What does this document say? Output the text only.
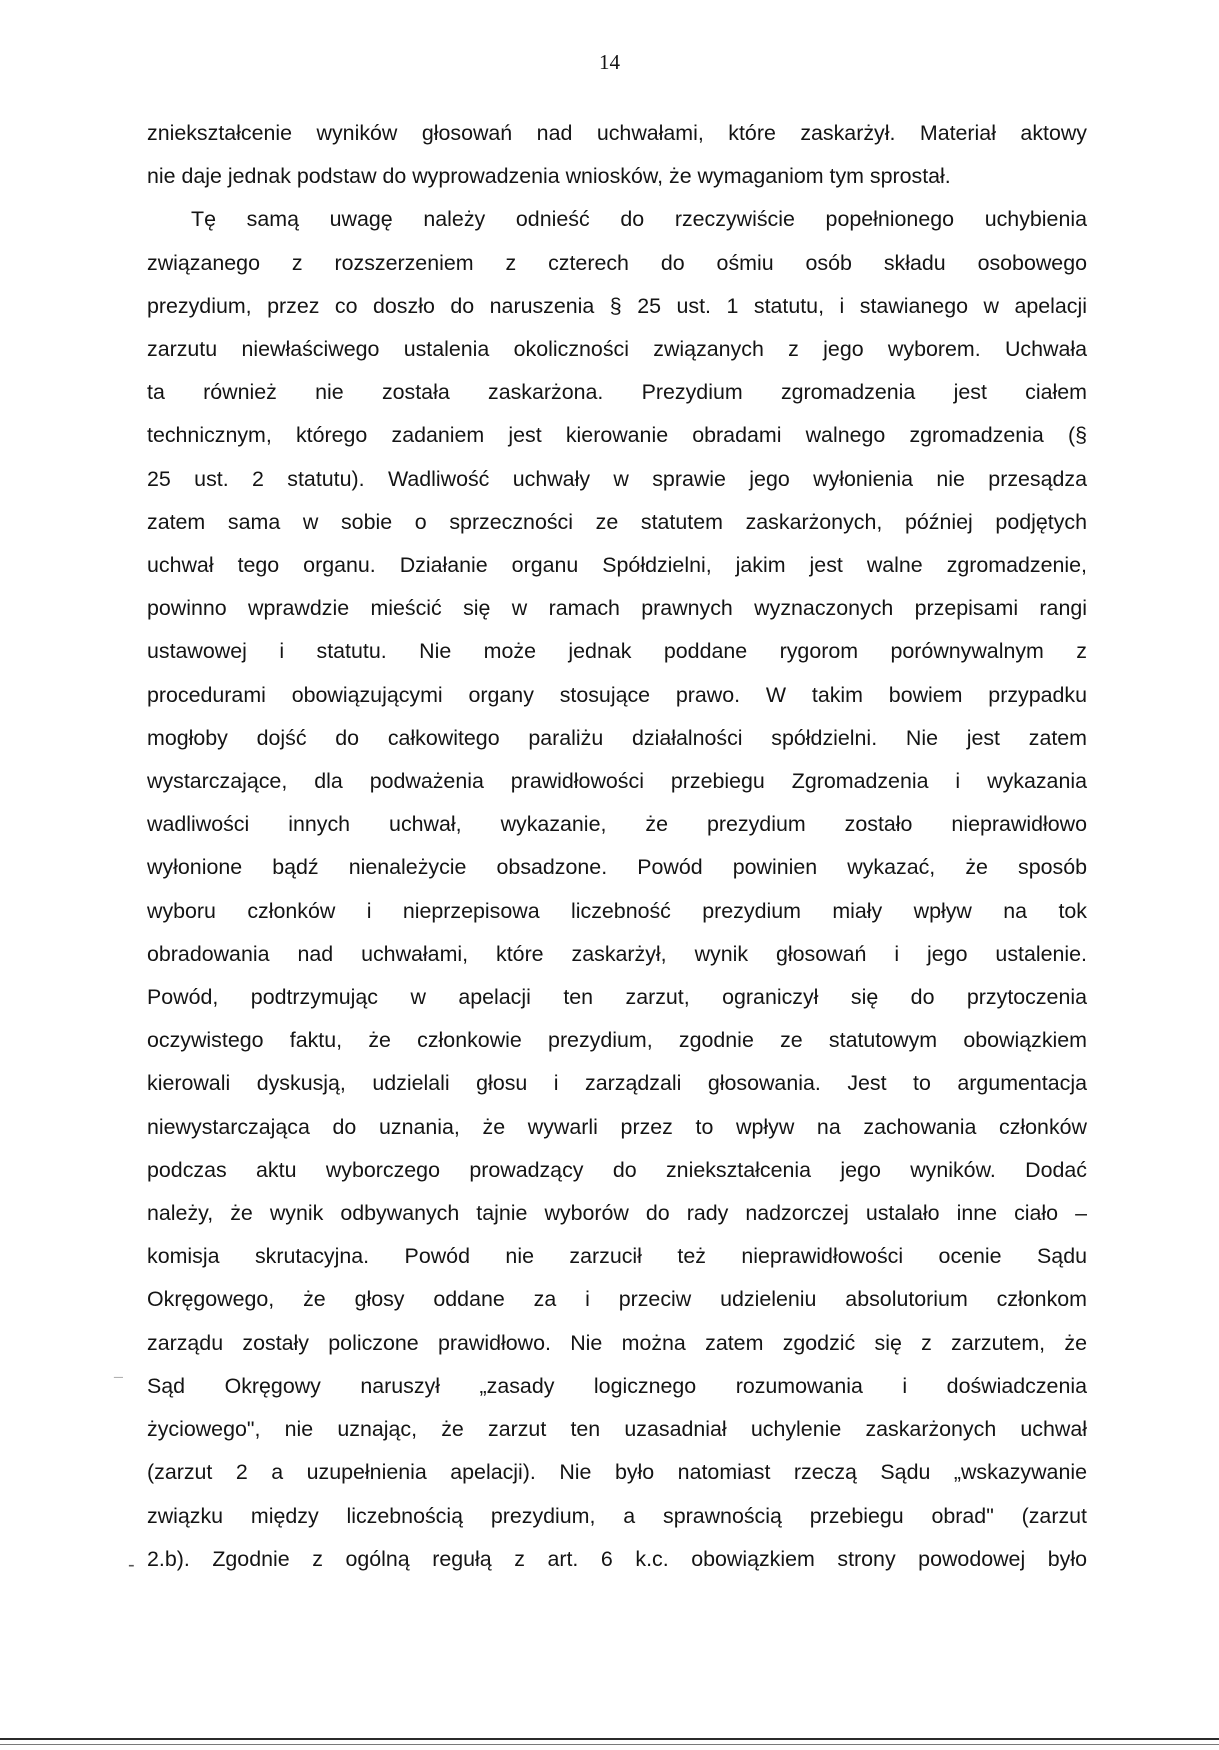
14
zniekształcenie wyników głosowań nad uchwałami, które zaskarżył. Materiał aktowy
nie daje jednak podstaw do wyprowadzenia wniosków, że wymaganiom tym sprostał.
Tę samą uwagę należy odnieść do rzeczywiście popełnionego uchybienia
związanego z rozszerzeniem z czterech do ośmiu osób składu osobowego
prezydium, przez co doszło do naruszenia § 25 ust. 1 statutu, i stawianego w apelacji
zarzutu niewłaściwego ustalenia okoliczności związanych z jego wyborem. Uchwała
ta również nie została zaskarżona. Prezydium zgromadzenia jest ciałem
technicznym, którego zadaniem jest kierowanie obradami walnego zgromadzenia (§
25 ust. 2 statutu). Wadliwość uchwały w sprawie jego wyłonienia nie przesądza
zatem sama w sobie o sprzeczności ze statutem zaskarżonych, później podjętych
uchwał tego organu. Działanie organu Spółdzielni, jakim jest walne zgromadzenie,
powinno wprawdzie mieścić się w ramach prawnych wyznaczonych przepisami rangi
ustawowej i statutu. Nie może jednak poddane rygorom porównywalnym z
procedurami obowiązującymi organy stosujące prawo. W takim bowiem przypadku
mogłoby dojść do całkowitego paraliżu działalności spółdzielni. Nie jest zatem
wystarczające, dla podważenia prawidłowości przebiegu Zgromadzenia i wykazania
wadliwości innych uchwał, wykazanie, że prezydium zostało nieprawidłowo
wyłonione bądź nienależycie obsadzone. Powód powinien wykazać, że sposób
wyboru członków i nieprzepisowa liczebność prezydium miały wpływ na tok
obradowania nad uchwałami, które zaskarżył, wynik głosowań i jego ustalenie.
Powód, podtrzymując w apelacji ten zarzut, ograniczył się do przytoczenia
oczywistego faktu, że członkowie prezydium, zgodnie ze statutowym obowiązkiem
kierowali dyskusją, udzielali głosu i zarządzali głosowania. Jest to argumentacja
niewystarczająca do uznania, że wywarli przez to wpływ na zachowania członków
podczas aktu wyborczego prowadzący do zniekształcenia jego wyników. Dodać
należy, że wynik odbywanych tajnie wyborów do rady nadzorczej ustalało inne ciało –
komisja skrutacyjna. Powód nie zarzucił też nieprawidłowości ocenie Sądu
Okręgowego, że głosy oddane za i przeciw udzieleniu absolutorium członkom
zarządu zostały policzone prawidłowo. Nie można zatem zgodzić się z zarzutem, że
Sąd Okręgowy naruszył „zasady logicznego rozumowania i doświadczenia
życiowego", nie uznając, że zarzut ten uzasadniał uchylenie zaskarżonych uchwał
(zarzut 2 a uzupełnienia apelacji). Nie było natomiast rzeczą Sądu „wskazywanie
związku między liczebnością prezydium, a sprawnością przebiegu obrad" (zarzut
2.b). Zgodnie z ogólną regułą z art. 6 k.c. obowiązkiem strony powodowej było
¯
-
